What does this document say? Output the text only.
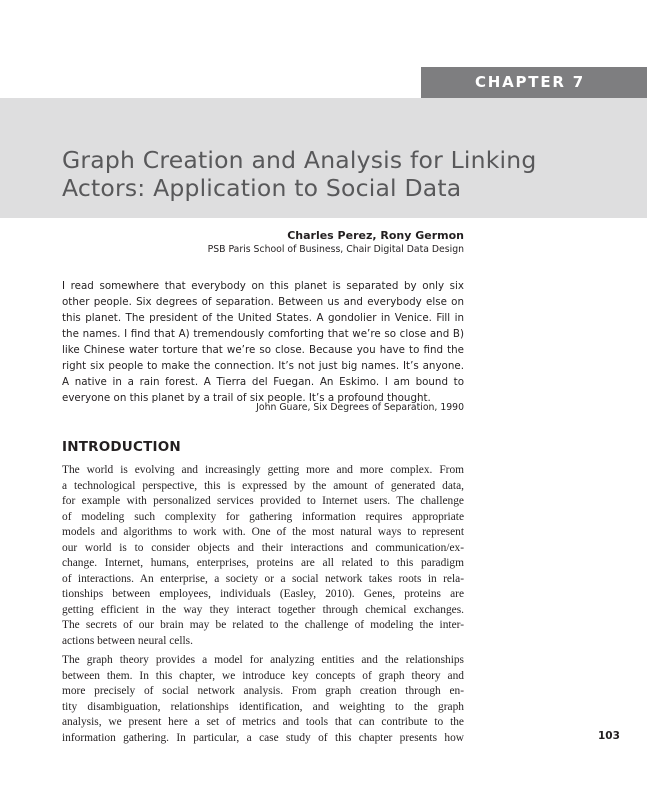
CHAPTER 7
Graph Creation and Analysis for Linking
Actors: Application to Social Data
Charles Perez, Rony Germon
PSB Paris School of Business, Chair Digital Data Design
I read somewhere that everybody on this planet is separated by only six
other people. Six degrees of separation. Between us and everybody else on
this planet. The president of the United States. A gondolier in Venice. Fill in
the names. I find that A) tremendously comforting that we’re so close and B)
like Chinese water torture that we’re so close. Because you have to find the
right six people to make the connection. It’s not just big names. It’s anyone.
A native in a rain forest. A Tierra del Fuegan. An Eskimo. I am bound to
everyone on this planet by a trail of six people. It’s a profound thought.
John Guare, Six Degrees of Separation, 1990
INTRODUCTION
The world is evolving and increasingly getting more and more complex. From
a technological perspective, this is expressed by the amount of generated data,
for example with personalized services provided to Internet users. The challenge
of modeling such complexity for gathering information requires appropriate
models and algorithms to work with. One of the most natural ways to represent
our world is to consider objects and their interactions and communication/ex-
change. Internet, humans, enterprises, proteins are all related to this paradigm
of interactions. An enterprise, a society or a social network takes roots in rela-
tionships between employees, individuals (Easley, 2010). Genes, proteins are
getting efficient in the way they interact together through chemical exchanges.
The secrets of our brain may be related to the challenge of modeling the inter-
actions between neural cells.
The graph theory provides a model for analyzing entities and the relationships
between them. In this chapter, we introduce key concepts of graph theory and
more precisely of social network analysis. From graph creation through en-
tity disambiguation, relationships identification, and weighting to the graph
analysis, we present here a set of metrics and tools that can contribute to the
information gathering. In particular, a case study of this chapter presents how	103
